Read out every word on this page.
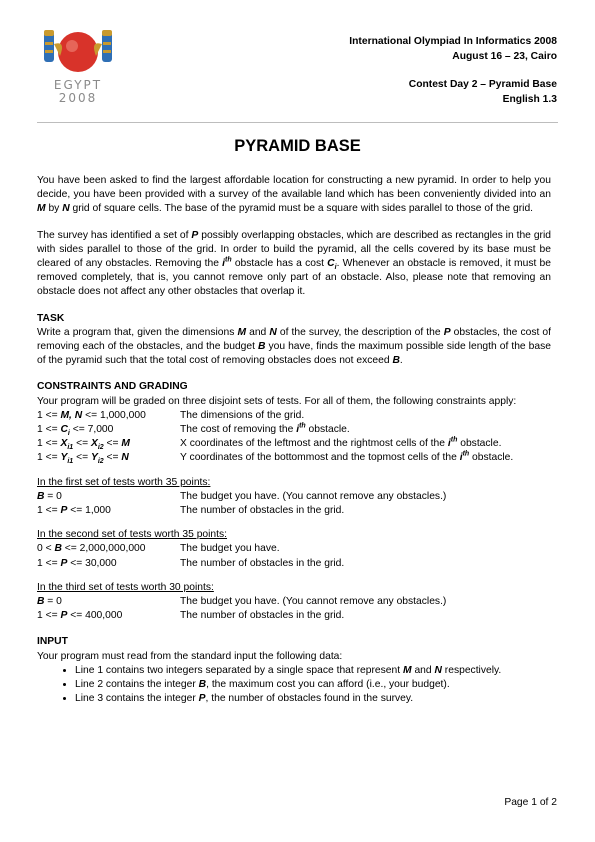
EGYPT
2008
International Olympiad In Informatics 2008
August 16 – 23, Cairo
Contest Day 2 – Pyramid Base
English 1.3
PYRAMID BASE

You have been asked to find the largest affordable location for constructing a new pyramid. In order to help you decide, you have been provided with a survey of the available land which has been conveniently divided into an M by N grid of square cells. The base of the pyramid must be a square with sides parallel to those of the grid.

The survey has identified a set of P possibly overlapping obstacles, which are described as rectangles in the grid with sides parallel to those of the grid. In order to build the pyramid, all the cells covered by its base must be cleared of any obstacles. Removing the $i^{th}$ obstacle has a cost $C_i$. Whenever an obstacle is removed, it must be removed completely, that is, you cannot remove only part of an obstacle. Also, please note that removing an obstacle does not affect any other obstacles that overlap it.

TASK

Write a program that, given the dimensions M and N of the survey, the description of the P obstacles, the cost of removing each of the obstacles, and the budget B you have, finds the maximum possible side length of the base of the pyramid such that the total cost of removing obstacles does not exceed B.

CONSTRAINTS AND GRADING

Your program will be graded on three disjoint sets of tests. For all of them, the following constraints apply:

1 <= M, N <= 1,000,000	The dimensions of the grid.
$1 <= C_i <= 7,000$	The cost of removing the $i^{th}$ obstacle.
$1 <= X_{i1} <= X_{i2} <= M$	X coordinates of the leftmost and the rightmost cells of the $i^{th}$ obstacle.
$1 <= Y_{i1} <= Y_{i2} <= N$	Y coordinates of the bottommost and the topmost cells of the $i^{th}$ obstacle.
In the first set of tests worth 35 points:
B = 0	The budget you have. (You cannot remove any obstacles.)
1 <= P <= 1,000	The number of obstacles in the grid.
In the second set of tests worth 35 points:
0 < B <= 2,000,000,000	The budget you have.
1 <= P <= 30,000	The number of obstacles in the grid.
In the third set of tests worth 30 points:
B = 0	The budget you have. (You cannot remove any obstacles.)
1 <= P <= 400,000	The number of obstacles in the grid.
INPUT
Your program must read from the standard input the following data:
• Line 1 contains two integers separated by a single space that represent M and N respectively.
• Line 2 contains the integer B, the maximum cost you can afford (i.e., your budget).
• Line 3 contains the integer P, the number of obstacles found in the survey.
Page 1 of 2
